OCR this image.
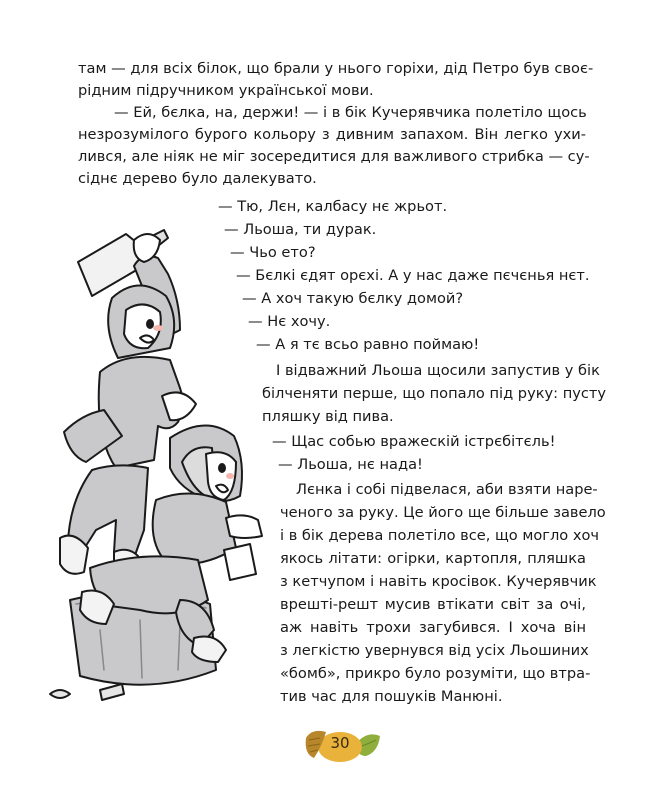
там — для всіх білок, що брали у нього горіхи, дід Петро був своє-
рідним підручником української мови.
— Ей, бєлка, на, держи! — і в бік Кучерявчика полетіло щось
незрозумілого бурого кольору з дивним запахом. Він легко ухи-
лився, але ніяк не міг зосередитися для важливого стрибка — су-
сіднє дерево було далекувато.
— Тю, Лєн, калбасу нє жрьот.
— Льоша, ти дурак.
— Чьо ето?
— Бєлкі єдят орєхі. А у нас даже пєчєнья нєт.
— А хоч такую бєлку домой?
— Нє хочу.
— А я тє всьо равно поймаю!
І відважний Льоша щосили запустив у бік
білченяти перше, що попало під руку: пусту
пляшку від пива.
— Щас собью вражескій істрєбітєль!
— Льоша, нє нада!
Лєнка і собі підвелася, аби взяти наре-
ченого за руку. Це його ще більше завело
і в бік дерева полетіло все, що могло хоч
якось літати: огірки, картопля, пляшка
з кетчупом і навіть кросівок. Кучерявчик
врешті-решт мусив втікати світ за очі,
аж навіть трохи загубився. І хоча він
з легкістю увернувся від усіх Льошиних
«бомб», прикро було розуміти, що втра-
тив час для пошуків Манюні.
30
